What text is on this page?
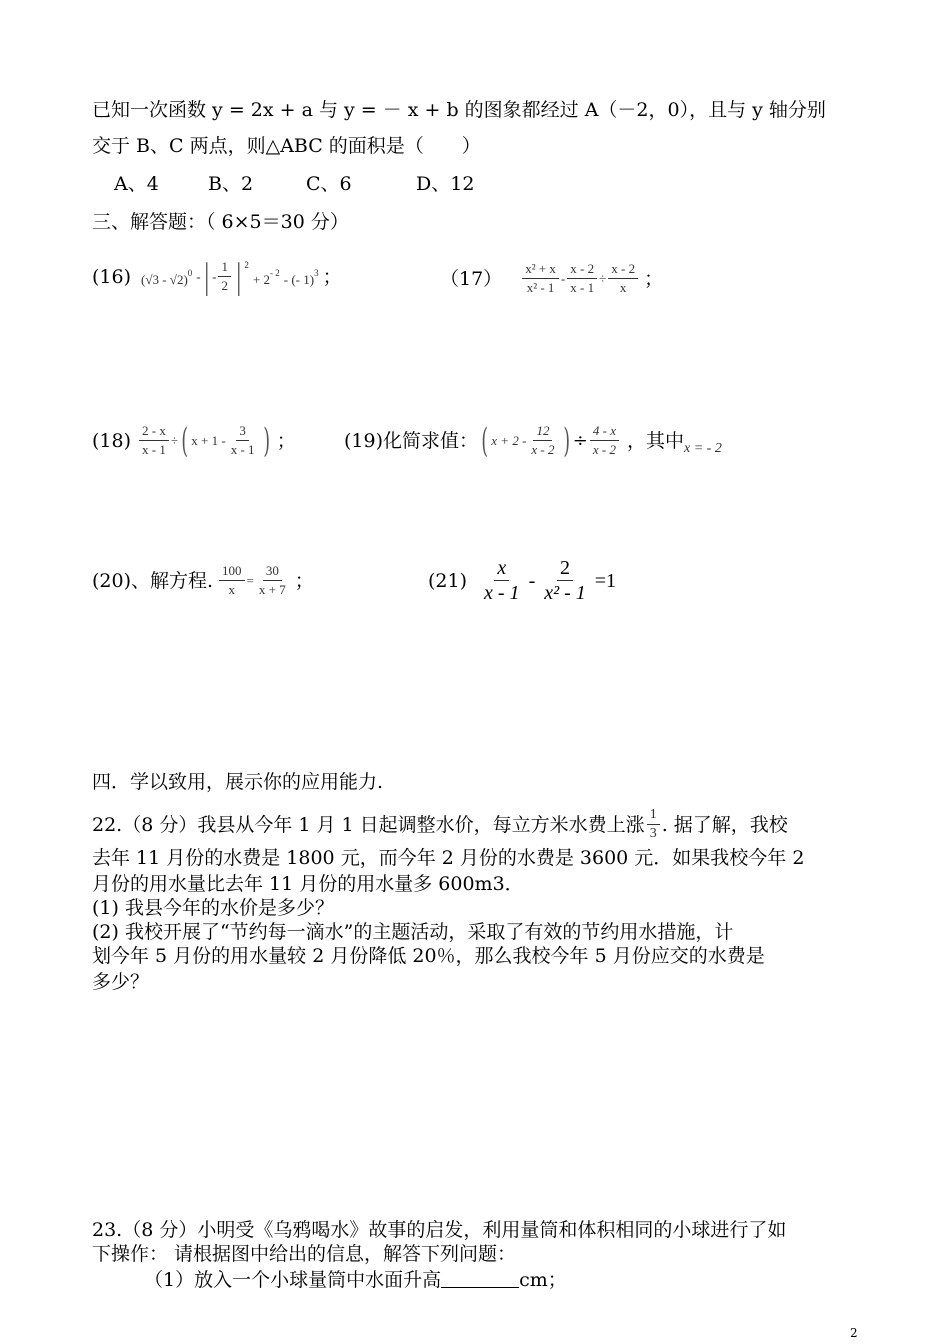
已知一次函数 y = 2x + a 与 y = － x + b 的图象都经过 A（－2，0），且与 y 轴分别
交于 B、C 两点，则△ABC 的面积是（　　）
A、4	B、2	C、6	D、12
三、解答题：（ 6×5＝30 分）
(16) (√3 - √2)$^0$ - | -
1
2 | 2
+ $2^{- 2}$ - (- 1)$^3$ ；	（17） x² + x
x² - 1
- $\frac{x - 2}{x - 1} \div \frac{x - 2}{x}$ ；
$(18) \frac{2 - x}{x - 1}$ ÷ ( x + 1 -
3
x - 1 ) ；	(19)化简求值： ( x + 2 -
12
x - 2 ) ÷ $\frac{4 - x}{x - 2}$ ，其中 x = - 2
(20)、解方程. $\frac{100}{x} = \frac{30}{x + 7}$ ；	(21)
x
x - 1
- $\frac{2}{\text{x² - 1}} =1$
四．学以致用，展示你的应用能力.
22.（8 分）我县从今年 1 月 1 日起调整水价，每立方米水费上涨 1
3 . 据了解，我校
去年 11 月份的水费是 1800 元，而今年 2 月份的水费是 3600 元．如果我校今年 2
月份的用水量比去年 11 月份的用水量多 600m3．
(1) 我县今年的水价是多少？
(2) 我校开展了“节约每一滴水”的主题活动，采取了有效的节约用水措施，计
划今年 5 月份的用水量较 2 月份降低 20％，那么我校今年 5 月份应交的水费是
多少？
23.（8 分）小明受《乌鸦喝水》故事的启发，利用量筒和体积相同的小球进行了如
下操作： 请根据图中给出的信息，解答下列问题：
（1）放入一个小球量筒中水面升高	cm；
2
